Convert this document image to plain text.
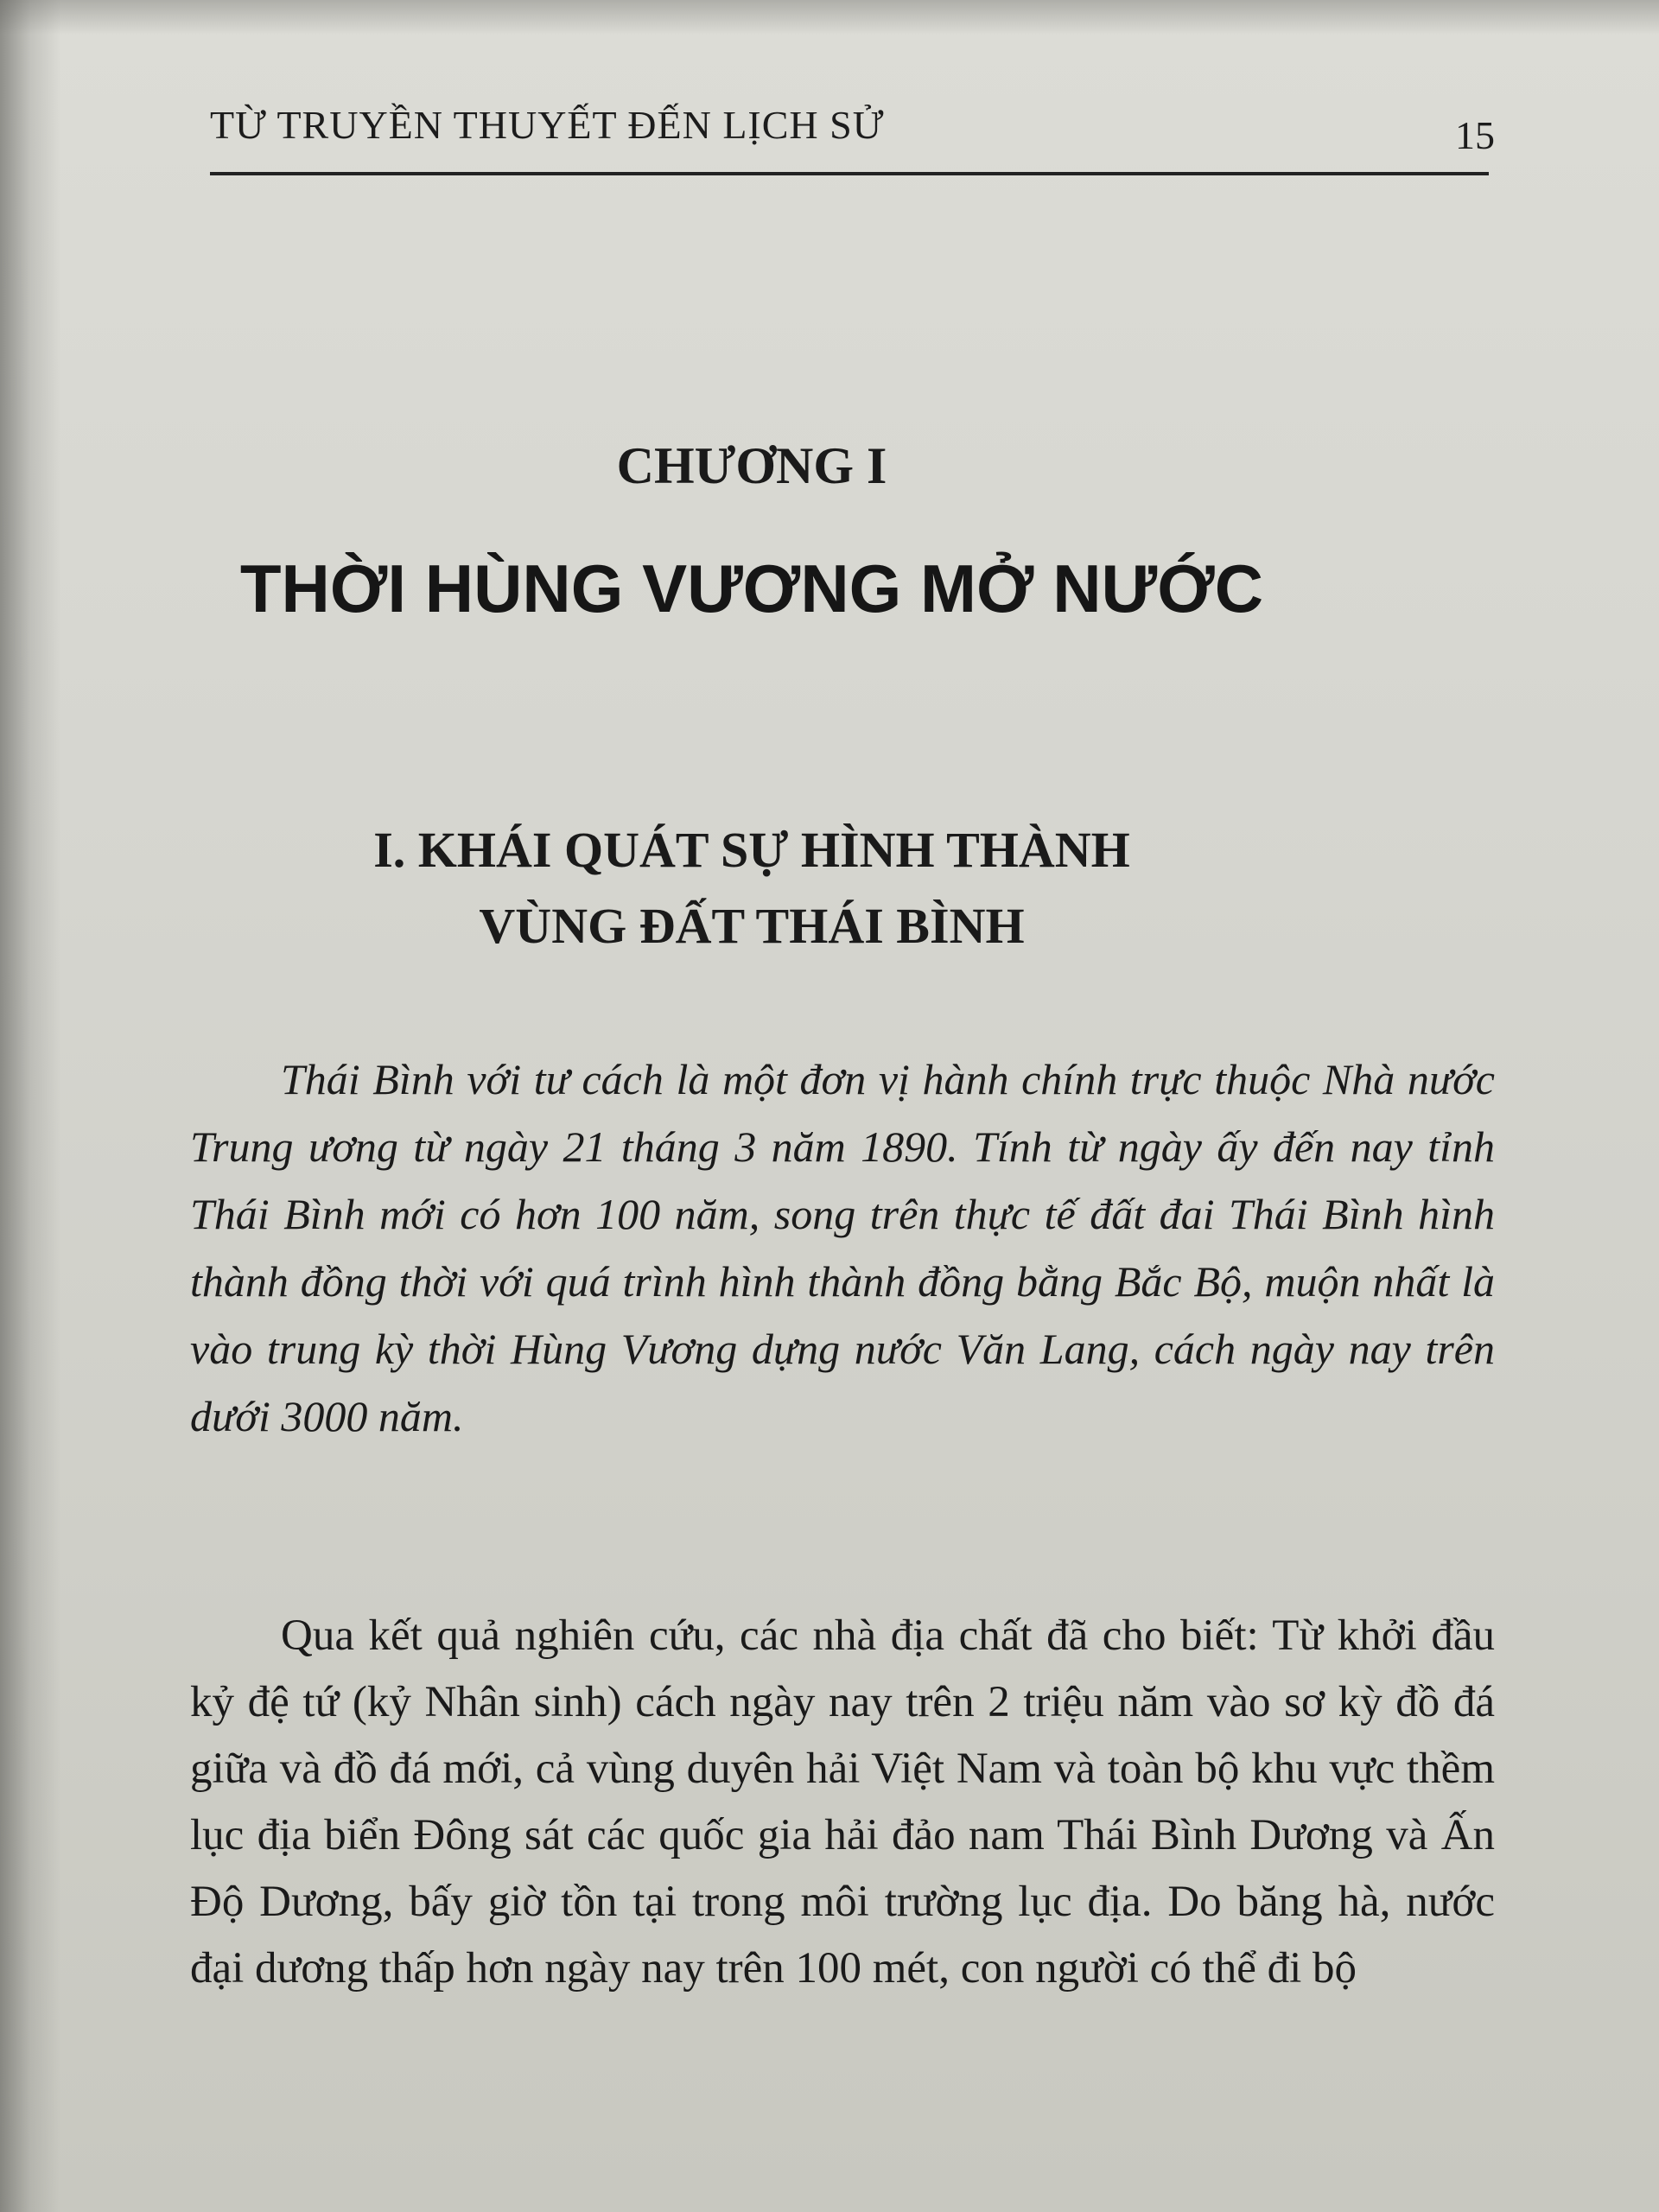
TỪ TRUYỀN THUYẾT ĐẾN LỊCH SỬ	15
CHƯƠNG I
THỜI HÙNG VƯƠNG MỞ NƯỚC
I. KHÁI QUÁT SỰ HÌNH THÀNH
VÙNG ĐẤT THÁI BÌNH
Thái Bình với tư cách là một đơn vị hành chính trực thuộc Nhà nước Trung ương từ ngày 21 tháng 3 năm 1890. Tính từ ngày ấy đến nay tỉnh Thái Bình mới có hơn 100 năm, song trên thực tế đất đai Thái Bình hình thành đồng thời với quá trình hình thành đồng bằng Bắc Bộ, muộn nhất là vào trung kỳ thời Hùng Vương dựng nước Văn Lang, cách ngày nay trên dưới 3000 năm.
Qua kết quả nghiên cứu, các nhà địa chất đã cho biết: Từ khởi đầu kỷ đệ tứ (kỷ Nhân sinh) cách ngày nay trên 2 triệu năm vào sơ kỳ đồ đá giữa và đồ đá mới, cả vùng duyên hải Việt Nam và toàn bộ khu vực thềm lục địa biển Đông sát các quốc gia hải đảo nam Thái Bình Dương và Ấn Độ Dương, bấy giờ tồn tại trong môi trường lục địa. Do băng hà, nước đại dương thấp hơn ngày nay trên 100 mét, con người có thể đi bộ
